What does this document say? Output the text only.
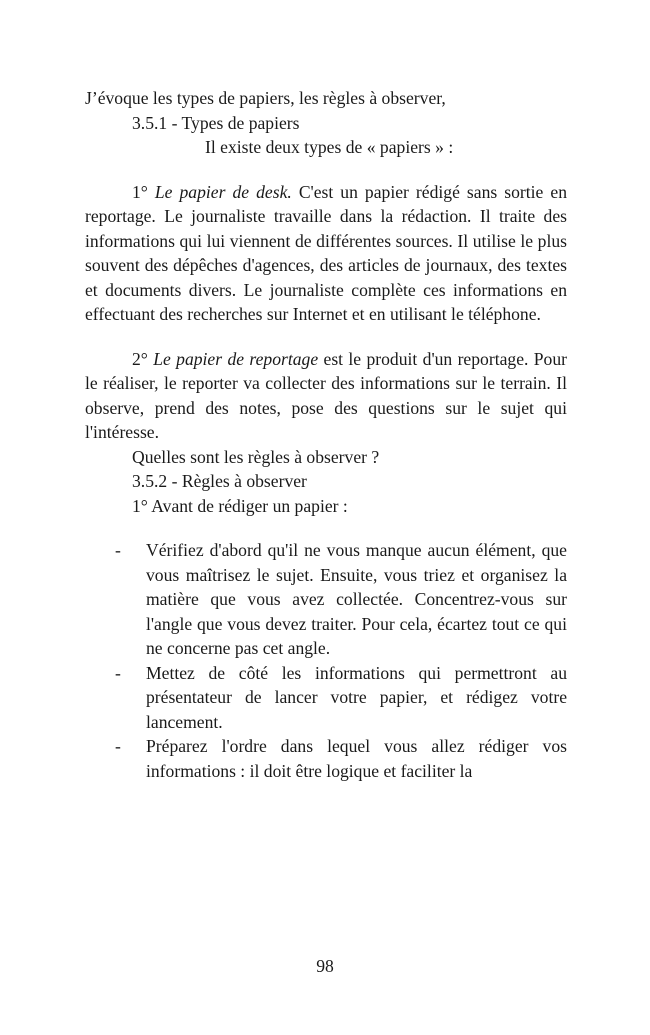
J’évoque les types de papiers, les règles à observer,

3.5.1 - Types de papiers

Il existe deux types de « papiers » :

1° Le papier de desk. C'est un papier rédigé sans sortie en reportage. Le journaliste travaille dans la rédaction. Il traite des informations qui lui viennent de différentes sources. Il utilise le plus souvent des dépêches d'agences, des articles de journaux, des textes et documents divers. Le journaliste complète ces informations en effectuant des recherches sur Internet et en utilisant le téléphone.

2° Le papier de reportage est le produit d'un reportage. Pour le réaliser, le reporter va collecter des informations sur le terrain. Il observe, prend des notes, pose des questions sur le sujet qui l'intéresse.

Quelles sont les règles à observer ?

3.5.2 - Règles à observer

1° Avant de rédiger un papier :

- Vérifiez d'abord qu'il ne vous manque aucun élément, que vous maîtrisez le sujet. Ensuite, vous triez et organisez la matière que vous avez collectée. Concentrez-vous sur l'angle que vous devez traiter. Pour cela, écartez tout ce qui ne concerne pas cet angle.
- Mettez de côté les informations qui permettront au présentateur de lancer votre papier, et rédigez votre lancement.
- Préparez l'ordre dans lequel vous allez rédiger vos informations : il doit être logique et faciliter la
98
